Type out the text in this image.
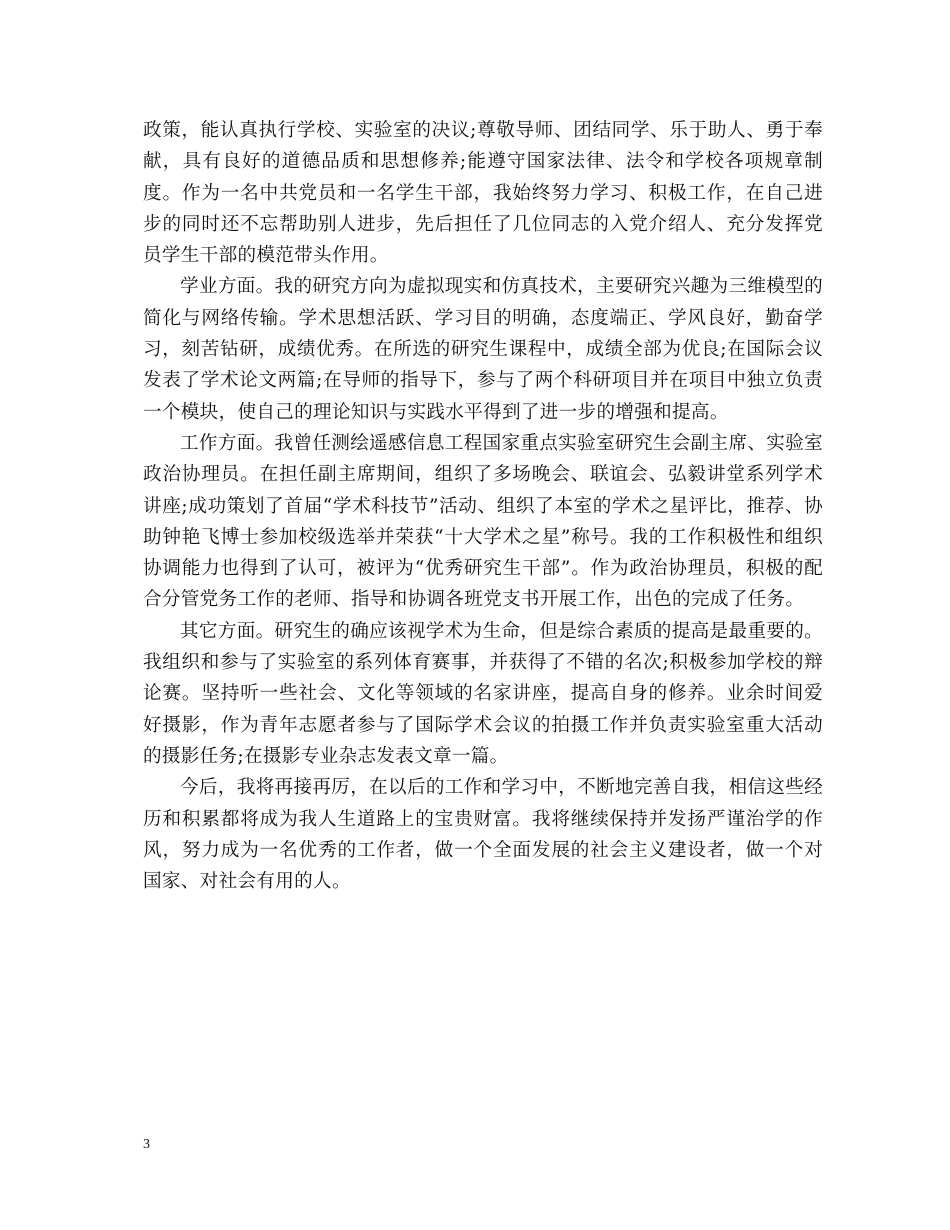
政策，能认真执行学校、实验室的决议;尊敬导师、团结同学、乐于助人、勇于奉献，具有良好的道德品质和思想修养;能遵守国家法律、法令和学校各项规章制度。作为一名中共党员和一名学生干部，我始终努力学习、积极工作，在自己进步的同时还不忘帮助别人进步，先后担任了几位同志的入党介绍人、充分发挥党员学生干部的模范带头作用。

学业方面。我的研究方向为虚拟现实和仿真技术，主要研究兴趣为三维模型的简化与网络传输。学术思想活跃、学习目的明确，态度端正、学风良好，勤奋学习，刻苦钻研，成绩优秀。在所选的研究生课程中，成绩全部为优良;在国际会议发表了学术论文两篇;在导师的指导下，参与了两个科研项目并在项目中独立负责一个模块，使自己的理论知识与实践水平得到了进一步的增强和提高。

工作方面。我曾任测绘遥感信息工程国家重点实验室研究生会副主席、实验室政治协理员。在担任副主席期间，组织了多场晚会、联谊会、弘毅讲堂系列学术讲座;成功策划了首届“学术科技节”活动、组织了本室的学术之星评比，推荐、协助钟艳飞博士参加校级选举并荣获“十大学术之星”称号。我的工作积极性和组织协调能力也得到了认可，被评为“优秀研究生干部”。作为政治协理员，积极的配合分管党务工作的老师、指导和协调各班党支书开展工作，出色的完成了任务。

其它方面。研究生的确应该视学术为生命，但是综合素质的提高是最重要的。我组织和参与了实验室的系列体育赛事，并获得了不错的名次;积极参加学校的辩论赛。坚持听一些社会、文化等领域的名家讲座，提高自身的修养。业余时间爱好摄影，作为青年志愿者参与了国际学术会议的拍摄工作并负责实验室重大活动的摄影任务;在摄影专业杂志发表文章一篇。

今后，我将再接再厉，在以后的工作和学习中，不断地完善自我，相信这些经历和积累都将成为我人生道路上的宝贵财富。我将继续保持并发扬严谨治学的作风，努力成为一名优秀的工作者，做一个全面发展的社会主义建设者，做一个对国家、对社会有用的人。

3
